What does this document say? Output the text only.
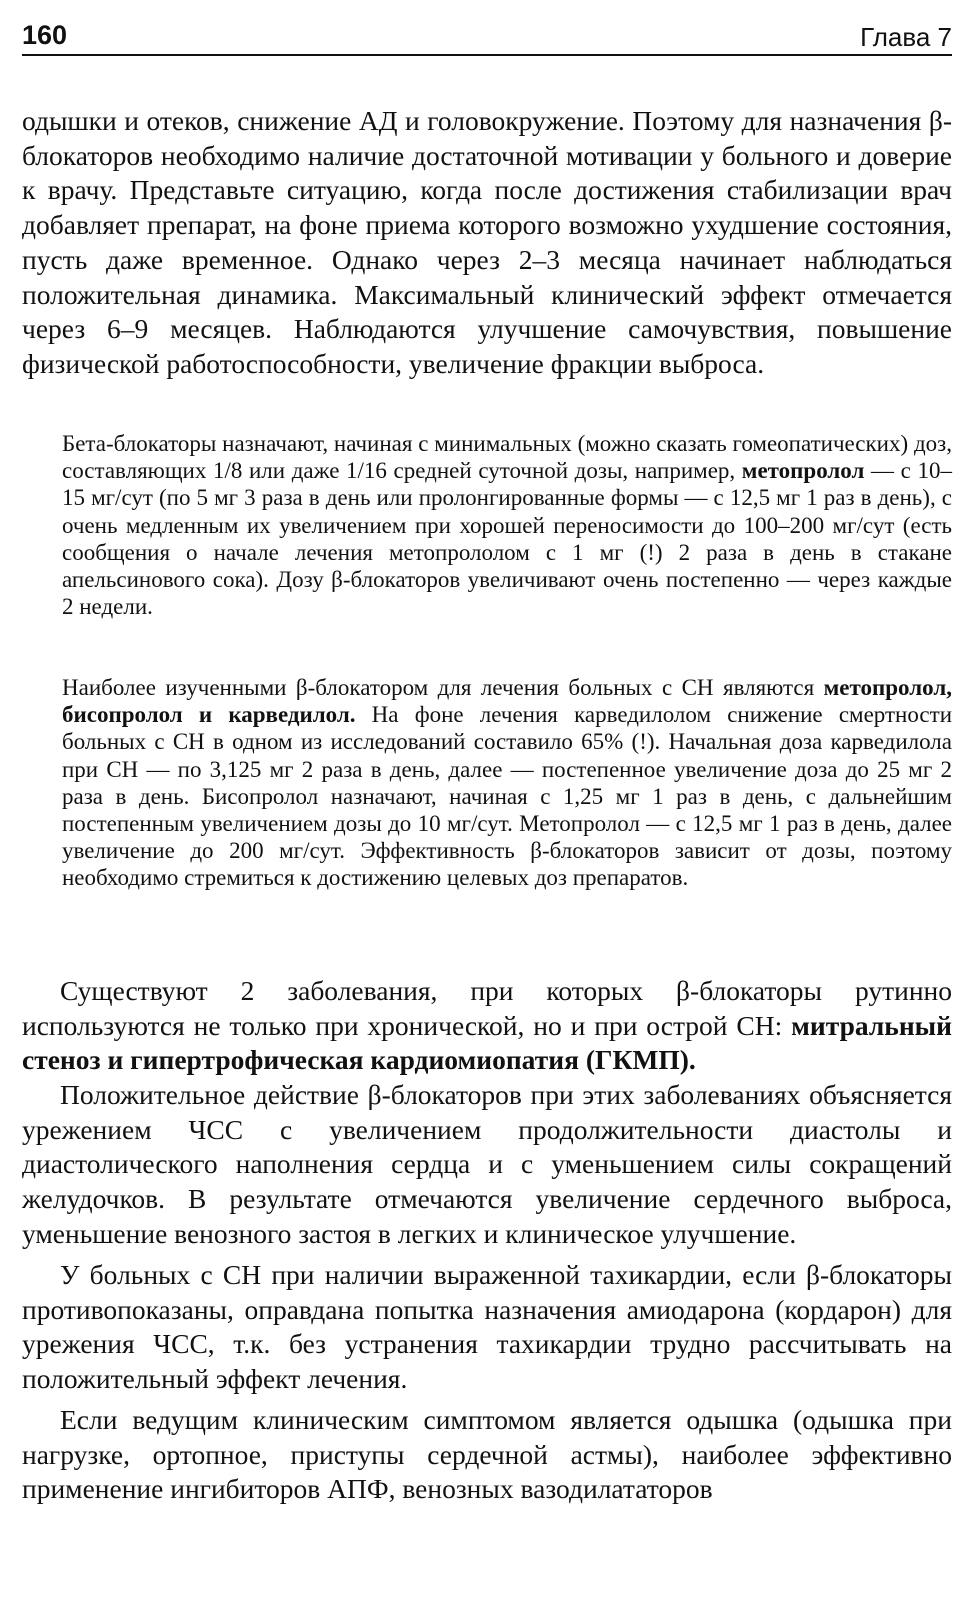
160	Глава 7

одышки и отеков, снижение АД и головокружение. Поэтому для назначения β-блокаторов необходимо наличие достаточной мотивации у больного и доверие к врачу. Представьте ситуацию, когда после достижения стабилизации врач добавляет препарат, на фоне приема которого возможно ухудшение состояния, пусть даже временное. Однако через 2–3 месяца начинает наблюдаться положительная динамика. Максимальный клинический эффект отмечается через 6–9 месяцев. Наблюдаются улучшение самочувствия, повышение физической работоспособности, увеличение фракции выброса.

Бета-блокаторы назначают, начиная с минимальных (можно сказать гомеопатических) доз, составляющих 1/8 или даже 1/16 средней суточной дозы, например, метопролол — с 10–15 мг/сут (по 5 мг 3 раза в день или пролонгированные формы — с 12,5 мг 1 раз в день), с очень медленным их увеличением при хорошей переносимости до 100–200 мг/сут (есть сообщения о начале лечения метопрололом с 1 мг (!) 2 раза в день в стакане апельсинового сока). Дозу β-блокаторов увеличивают очень постепенно — через каждые 2 недели.

Наиболее изученными β-блокатором для лечения больных с СН являются метопролол, бисопролол и карведилол. На фоне лечения карведилолом снижение смертности больных с СН в одном из исследований составило 65% (!). Начальная доза карведилола при СН — по 3,125 мг 2 раза в день, далее — постепенное увеличение доза до 25 мг 2 раза в день. Бисопролол назначают, начиная с 1,25 мг 1 раз в день, с дальнейшим постепенным увеличением дозы до 10 мг/сут. Метопролол — с 12,5 мг 1 раз в день, далее увеличение до 200 мг/сут. Эффективность β-блокаторов зависит от дозы, поэтому необходимо стремиться к достижению целевых доз препаратов.

Существуют 2 заболевания, при которых β-блокаторы рутинно используются не только при хронической, но и при острой СН: митральный стеноз и гипертрофическая кардиомиопатия (ГКМП).

Положительное действие β-блокаторов при этих заболеваниях объясняется урежением ЧСС с увеличением продолжительности диастолы и диастолического наполнения сердца и с уменьшением силы сокращений желудочков. В результате отмечаются увеличение сердечного выброса, уменьшение венозного застоя в легких и клиническое улучшение.

У больных с СН при наличии выраженной тахикардии, если β-блокаторы противопоказаны, оправдана попытка назначения амиодарона (кордарон) для урежения ЧСС, т.к. без устранения тахикардии трудно рассчитывать на положительный эффект лечения.

Если ведущим клиническим симптомом является одышка (одышка при нагрузке, ортопное, приступы сердечной астмы), наиболее эффективно применение ингибиторов АПФ, венозных вазодилататоров
